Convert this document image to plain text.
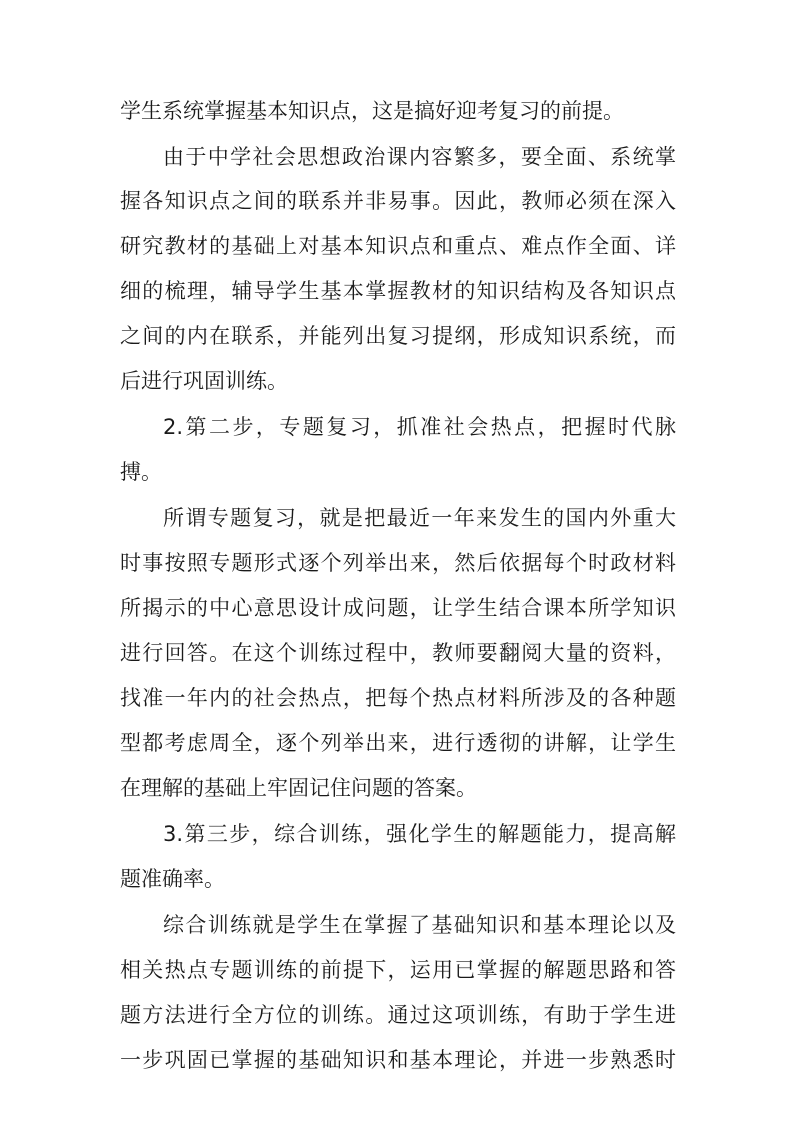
学生系统掌握基本知识点，这是搞好迎考复习的前提。
由于中学社会思想政治课内容繁多，要全面、系统掌
握各知识点之间的联系并非易事。因此，教师必须在深入
研究教材的基础上对基本知识点和重点、难点作全面、详
细的梳理，辅导学生基本掌握教材的知识结构及各知识点
之间的内在联系，并能列出复习提纲，形成知识系统，而
后进行巩固训练。
2.第二步，专题复习，抓准社会热点，把握时代脉
搏。
所谓专题复习，就是把最近一年来发生的国内外重大
时事按照专题形式逐个列举出来，然后依据每个时政材料
所揭示的中心意思设计成问题，让学生结合课本所学知识
进行回答。在这个训练过程中，教师要翻阅大量的资料，
找准一年内的社会热点，把每个热点材料所涉及的各种题
型都考虑周全，逐个列举出来，进行透彻的讲解，让学生
在理解的基础上牢固记住问题的答案。
3.第三步，综合训练，强化学生的解题能力，提高解
题准确率。
综合训练就是学生在掌握了基础知识和基本理论以及
相关热点专题训练的前提下，运用已掌握的解题思路和答
题方法进行全方位的训练。通过这项训练，有助于学生进
一步巩固已掌握的基础知识和基本理论，并进一步熟悉时
